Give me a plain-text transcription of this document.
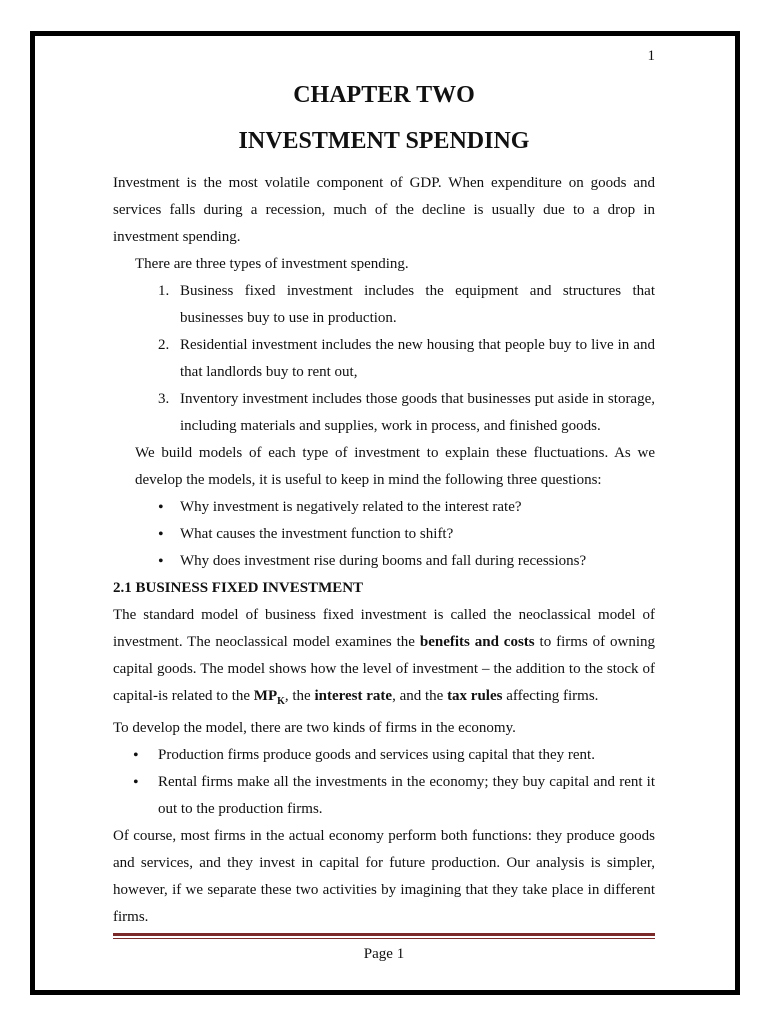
1
CHAPTER TWO
INVESTMENT SPENDING

Investment is the most volatile component of GDP. When expenditure on goods and services falls during a recession, much of the decline is usually due to a drop in investment spending.

There are three types of investment spending.

1. Business fixed investment includes the equipment and structures that businesses buy to use in production.
2. Residential investment includes the new housing that people buy to live in and that landlords buy to rent out,
3. Inventory investment includes those goods that businesses put aside in storage, including materials and supplies, work in process, and finished goods.

We build models of each type of investment to explain these fluctuations. As we develop the models, it is useful to keep in mind the following three questions:

• Why investment is negatively related to the interest rate?
• What causes the investment function to shift?
• Why does investment rise during booms and fall during recessions?

2.1 BUSINESS FIXED INVESTMENT

The standard model of business fixed investment is called the neoclassical model of investment. The neoclassical model examines the benefits and costs to firms of owning capital goods. The model shows how the level of investment – the addition to the stock of capital-is related to the $MP_K$, the interest rate, and the tax rules affecting firms.

To develop the model, there are two kinds of firms in the economy.

• Production firms produce goods and services using capital that they rent.
• Rental firms make all the investments in the economy; they buy capital and rent it out to the production firms.

Of course, most firms in the actual economy perform both functions: they produce goods and services, and they invest in capital for future production. Our analysis is simpler, however, if we separate these two activities by imagining that they take place in different firms.

Page 1
